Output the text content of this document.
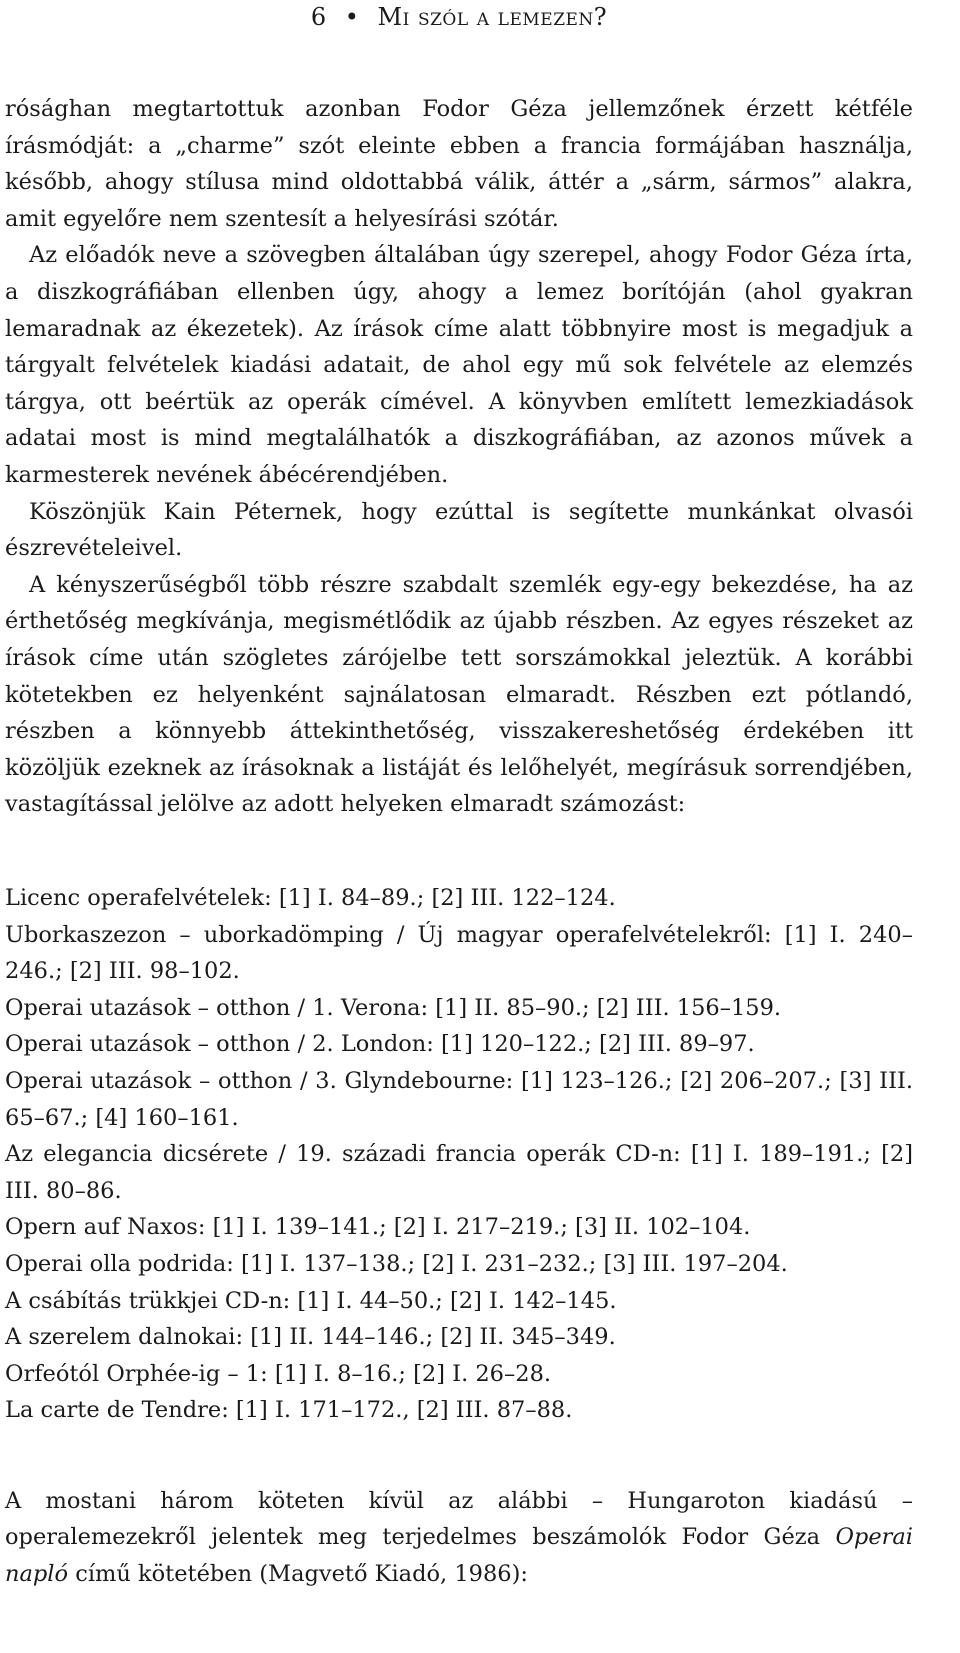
6 • Mi szól a lemezen?

rósághan megtartottuk azonban Fodor Géza jellemzőnek érzett kétféle írásmódját: a „charme” szót eleinte ebben a francia formájában használja, később, ahogy stílusa mind oldottabbá válik, áttér a „sárm, sármos” alakra, amit egyelőre nem szentesít a helyesírási szótár.

Az előadók neve a szövegben általában úgy szerepel, ahogy Fodor Géza írta, a diszkográfiában ellenben úgy, ahogy a lemez borítóján (ahol gyakran lemaradnak az ékezetek). Az írások címe alatt többnyire most is megadjuk a tárgyalt felvételek kiadási adatait, de ahol egy mű sok felvétele az elemzés tárgya, ott beértük az operák címével. A könyvben említett lemezkiadások adatai most is mind megtalálhatók a diszkográfiában, az azonos művek a karmesterek nevének ábécérendjében.

Köszönjük Kain Péternek, hogy ezúttal is segítette munkánkat olvasói észrevételeivel.

A kényszerűségből több részre szabdalt szemlék egy-egy bekezdése, ha az érthetőség megkívánja, megismétlődik az újabb részben. Az egyes részeket az írások címe után szögletes zárójelbe tett sorszámokkal jeleztük. A korábbi kötetekben ez helyenként sajnálatosan elmaradt. Részben ezt pótlandó, részben a könnyebb áttekinthetőség, visszakereshetőség érdekében itt közöljük ezeknek az írásoknak a listáját és lelőhelyét, megírásuk sorrendjében, vastagítással jelölve az adott helyeken elmaradt számozást:

Licenc operafelvételek: [1] I. 84–89.; [2] III. 122–124.

Uborkaszezon – uborkadömping / Új magyar operafelvételekről: [1] I. 240–246.; [2] III. 98–102.

Operai utazások – otthon / 1. Verona: [1] II. 85–90.; [2] III. 156–159.

Operai utazások – otthon / 2. London: [1] 120–122.; [2] III. 89–97.

Operai utazások – otthon / 3. Glyndebourne: [1] 123–126.; [2] 206–207.; [3] III. 65–67.; [4] 160–161.

Az elegancia dicsérete / 19. századi francia operák CD-n: [1] I. 189–191.; [2] III. 80–86.

Opern auf Naxos: [1] I. 139–141.; [2] I. 217–219.; [3] II. 102–104.

Operai olla podrida: [1] I. 137–138.; [2] I. 231–232.; [3] III. 197–204.

A csábítás trükkjei CD-n: [1] I. 44–50.; [2] I. 142–145.

A szerelem dalnokai: [1] II. 144–146.; [2] II. 345–349.

Orfeótól Orphée-ig – 1: [1] I. 8–16.; [2] I. 26–28.

La carte de Tendre: [1] I. 171–172., [2] III. 87–88.

A mostani három köteten kívül az alábbi – Hungaroton kiadású – operalemezekről jelentek meg terjedelmes beszámolók Fodor Géza Operai napló című kötetében (Magvető Kiadó, 1986):
